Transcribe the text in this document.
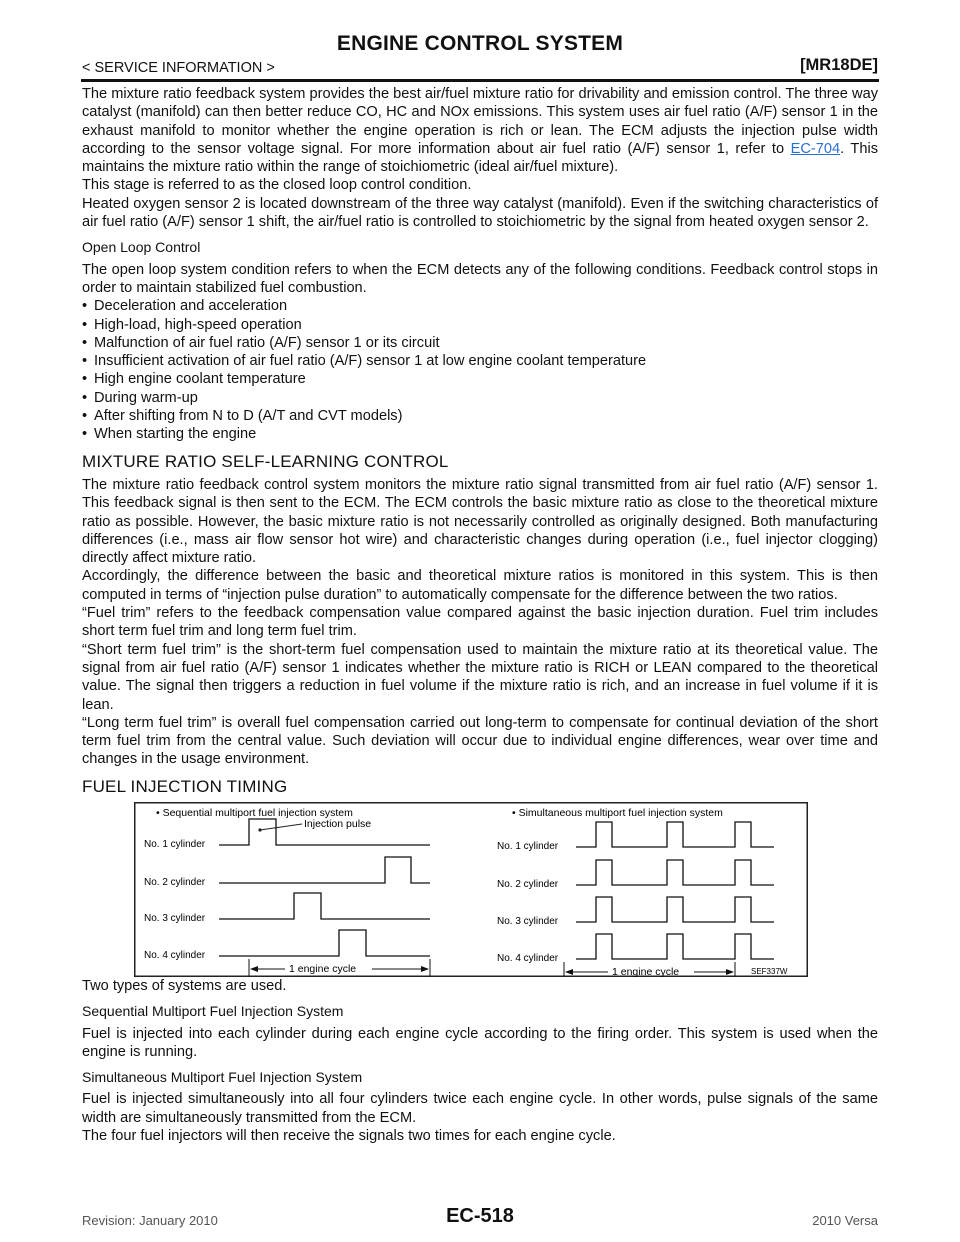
ENGINE CONTROL SYSTEM
< SERVICE INFORMATION >	[MR18DE]

The mixture ratio feedback system provides the best air/fuel mixture ratio for drivability and emission control. The three way catalyst (manifold) can then better reduce CO, HC and NOx emissions. This system uses air fuel ratio (A/F) sensor 1 in the exhaust manifold to monitor whether the engine operation is rich or lean. The ECM adjusts the injection pulse width according to the sensor voltage signal. For more information about air fuel ratio (A/F) sensor 1, refer to EC-704. This maintains the mixture ratio within the range of stoichiometric (ideal air/fuel mixture).

This stage is referred to as the closed loop control condition.

Heated oxygen sensor 2 is located downstream of the three way catalyst (manifold). Even if the switching characteristics of air fuel ratio (A/F) sensor 1 shift, the air/fuel ratio is controlled to stoichiometric by the signal from heated oxygen sensor 2.

Open Loop Control

The open loop system condition refers to when the ECM detects any of the following conditions. Feedback control stops in order to maintain stabilized fuel combustion.

• Deceleration and acceleration
• High-load, high-speed operation
• Malfunction of air fuel ratio (A/F) sensor 1 or its circuit
• Insufficient activation of air fuel ratio (A/F) sensor 1 at low engine coolant temperature
• High engine coolant temperature
• During warm-up
• After shifting from N to D (A/T and CVT models)
• When starting the engine
MIXTURE RATIO SELF-LEARNING CONTROL

The mixture ratio feedback control system monitors the mixture ratio signal transmitted from air fuel ratio (A/F) sensor 1. This feedback signal is then sent to the ECM. The ECM controls the basic mixture ratio as close to the theoretical mixture ratio as possible. However, the basic mixture ratio is not necessarily controlled as originally designed. Both manufacturing differences (i.e., mass air flow sensor hot wire) and characteristic changes during operation (i.e., fuel injector clogging) directly affect mixture ratio.

Accordingly, the difference between the basic and theoretical mixture ratios is monitored in this system. This is then computed in terms of “injection pulse duration” to automatically compensate for the difference between the two ratios.

“Fuel trim” refers to the feedback compensation value compared against the basic injection duration. Fuel trim includes short term fuel trim and long term fuel trim.

“Short term fuel trim” is the short-term fuel compensation used to maintain the mixture ratio at its theoretical value. The signal from air fuel ratio (A/F) sensor 1 indicates whether the mixture ratio is RICH or LEAN compared to the theoretical value. The signal then triggers a reduction in fuel volume if the mixture ratio is rich, and an increase in fuel volume if it is lean.

“Long term fuel trim” is overall fuel compensation carried out long-term to compensate for continual deviation of the short term fuel trim from the central value. Such deviation will occur due to individual engine differences, wear over time and changes in the usage environment.

FUEL INJECTION TIMING
• Sequential multiport fuel injection system
Injection pulse
No. 1 cylinder
No. 2 cylinder
No. 3 cylinder
No. 4 cylinder
1 engine cycle
• Simultaneous multiport fuel injection system
No. 1 cylinder
No. 2 cylinder
No. 3 cylinder
No. 4 cylinder
1 engine cycle	SEF337W

Two types of systems are used.

Sequential Multiport Fuel Injection System

Fuel is injected into each cylinder during each engine cycle according to the firing order. This system is used when the engine is running.

Simultaneous Multiport Fuel Injection System

Fuel is injected simultaneously into all four cylinders twice each engine cycle. In other words, pulse signals of the same width are simultaneously transmitted from the ECM.

The four fuel injectors will then receive the signals two times for each engine cycle.

Revision: January 2010	EC-518	2010 Versa
